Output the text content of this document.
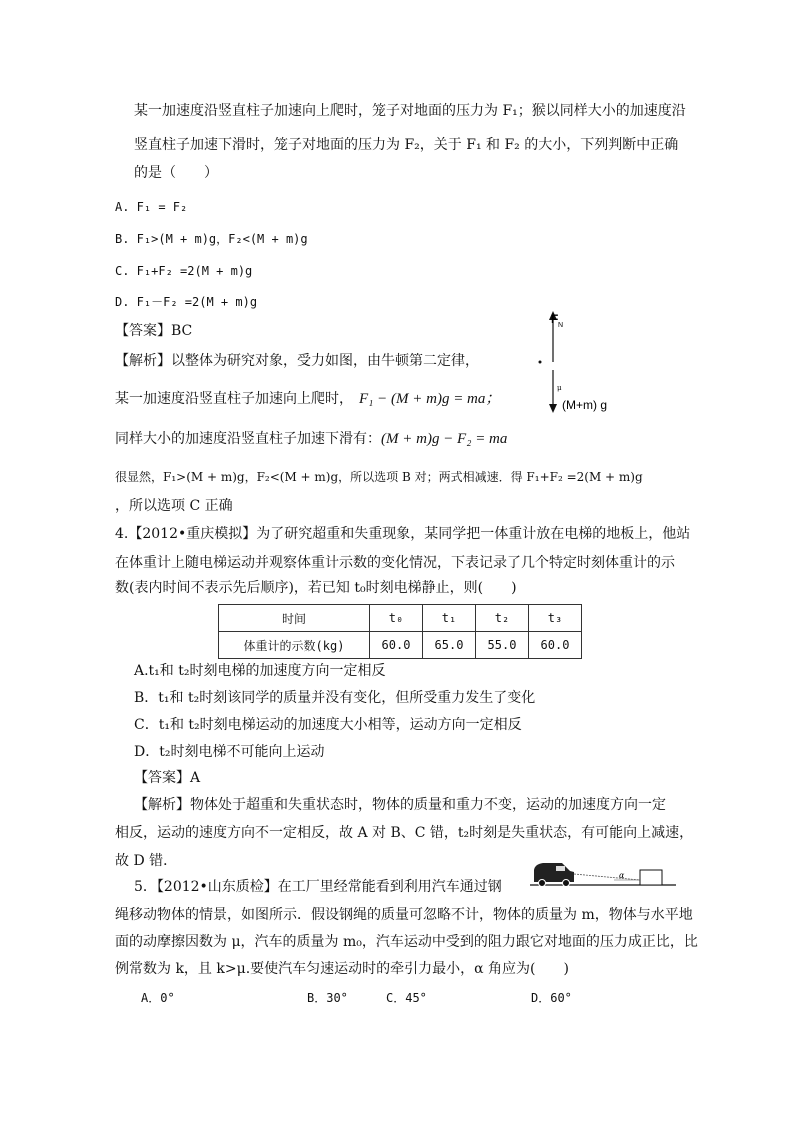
某一加速度沿竖直柱子加速向上爬时，笼子对地面的压力为 F₁；猴以同样大小的加速度沿
竖直柱子加速下滑时，笼子对地面的压力为 F₂，关于 F₁ 和 F₂ 的大小，下列判断中正确
的是（　　）
A. F₁ = F₂
B. F₁>(M + m)g，F₂<(M + m)g
C. F₁+F₂ =2(M + m)g
D. F₁－F₂ =2(M + m)g
【答案】BC
【解析】以整体为研究对象，受力如图，由牛顿第二定律，
某一加速度沿竖直柱子加速向上爬时， F₁ − (M + m)g = ma；
同样大小的加速度沿竖直柱子加速下滑有：(M + m)g − F₂ = ma
很显然，F₁>(M + m)g，F₂<(M + m)g，所以选项 B 对；两式相减速．得 F₁+F₂ =2(M + m)g
，所以选项 C 正确
F N
μ
(M+m) g
4.【2012•重庆模拟】为了研究超重和失重现象，某同学把一体重计放在电梯的地板上，他站
在体重计上随电梯运动并观察体重计示数的变化情况，下表记录了几个特定时刻体重计的示
数(表内时间不表示先后顺序)，若已知 t₀时刻电梯静止，则(　　)
时间	t₀	t₁	t₂	t₃
体重计的示数(kg)	60.0	65.0	55.0	60.0
A.t₁和 t₂时刻电梯的加速度方向一定相反
B．t₁和 t₂时刻该同学的质量并没有变化，但所受重力发生了变化
C．t₁和 t₂时刻电梯运动的加速度大小相等，运动方向一定相反
D．t₂时刻电梯不可能向上运动
【答案】A
【解析】物体处于超重和失重状态时，物体的质量和重力不变，运动的加速度方向一定
相反，运动的速度方向不一定相反，故 A 对 B、C 错，t₂时刻是失重状态，有可能向上减速，
故 D 错．
5．【2012•山东质检】在工厂里经常能看到利用汽车通过钢
绳移动物体的情景，如图所示．假设钢绳的质量可忽略不计，物体的质量为 m，物体与水平地
面的动摩擦因数为 μ，汽车的质量为 m₀，汽车运动中受到的阻力跟它对地面的压力成正比，比
例常数为 k，且 k>μ.要使汽车匀速运动时的牵引力最小，α 角应为(　　)
A．0°	B．30°	C．45°	D．60°
α
